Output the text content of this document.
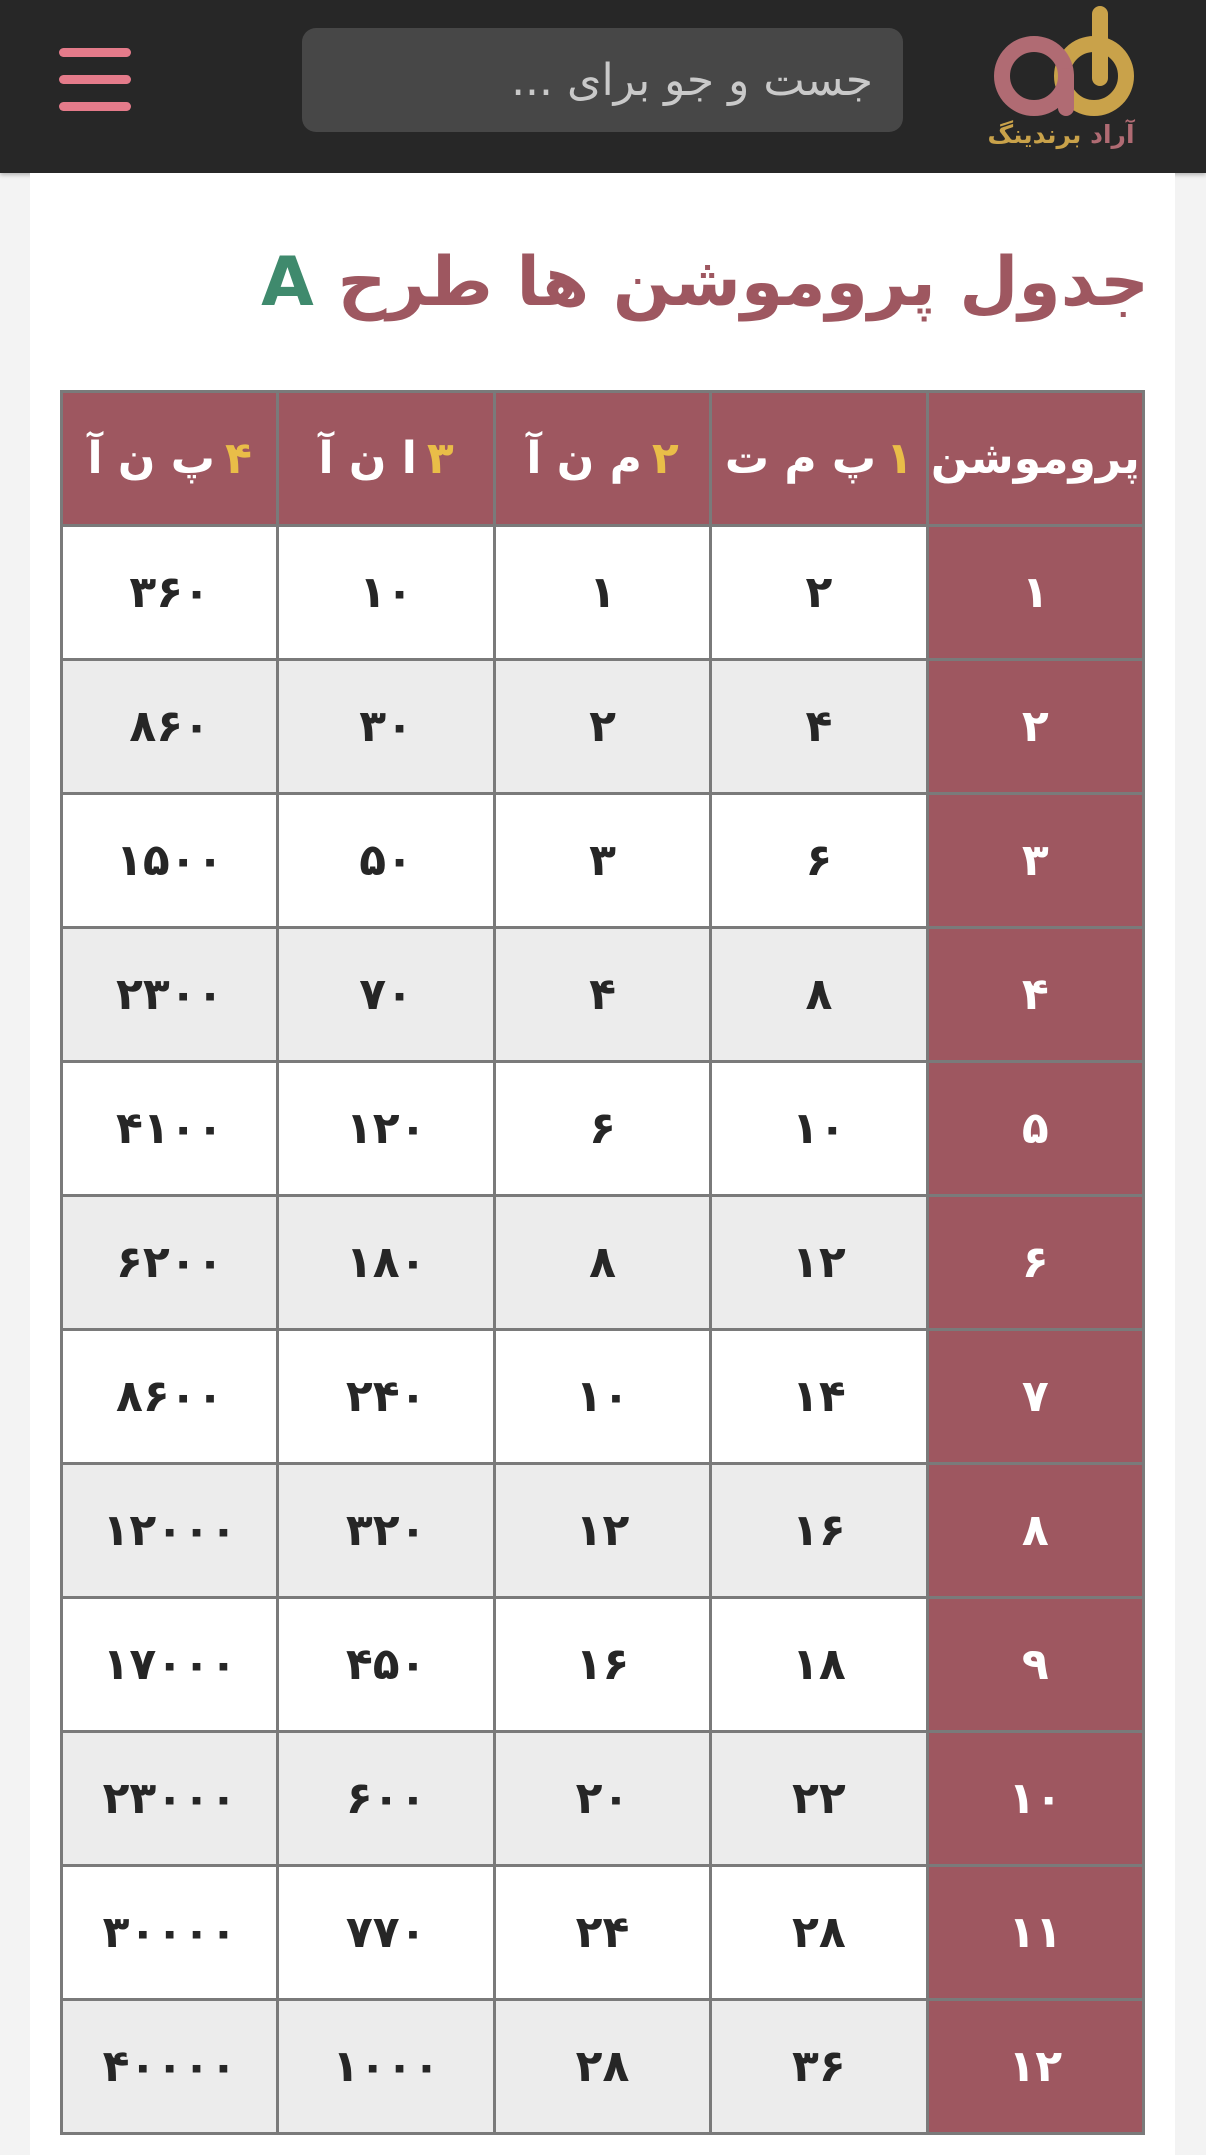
جست و جو برای ...
آراد برندینگ
جدول پروموشن ها طرح A
پروموشن	۱پ م ت	۲م ن آ	۳ا ن آ	۴پ ن آ
۱	۲	۱	۱۰	۳۶۰
۲	۴	۲	۳۰	۸۶۰
۳	۶	۳	۵۰	۱۵۰۰
۴	۸	۴	۷۰	۲۳۰۰
۵	۱۰	۶	۱۲۰	۴۱۰۰
۶	۱۲	۸	۱۸۰	۶۲۰۰
۷	۱۴	۱۰	۲۴۰	۸۶۰۰
۸	۱۶	۱۲	۳۲۰	۱۲۰۰۰
۹	۱۸	۱۶	۴۵۰	۱۷۰۰۰
۱۰	۲۲	۲۰	۶۰۰	۲۳۰۰۰
۱۱	۲۸	۲۴	۷۷۰	۳۰۰۰۰
۱۲	۳۶	۲۸	۱۰۰۰	۴۰۰۰۰
